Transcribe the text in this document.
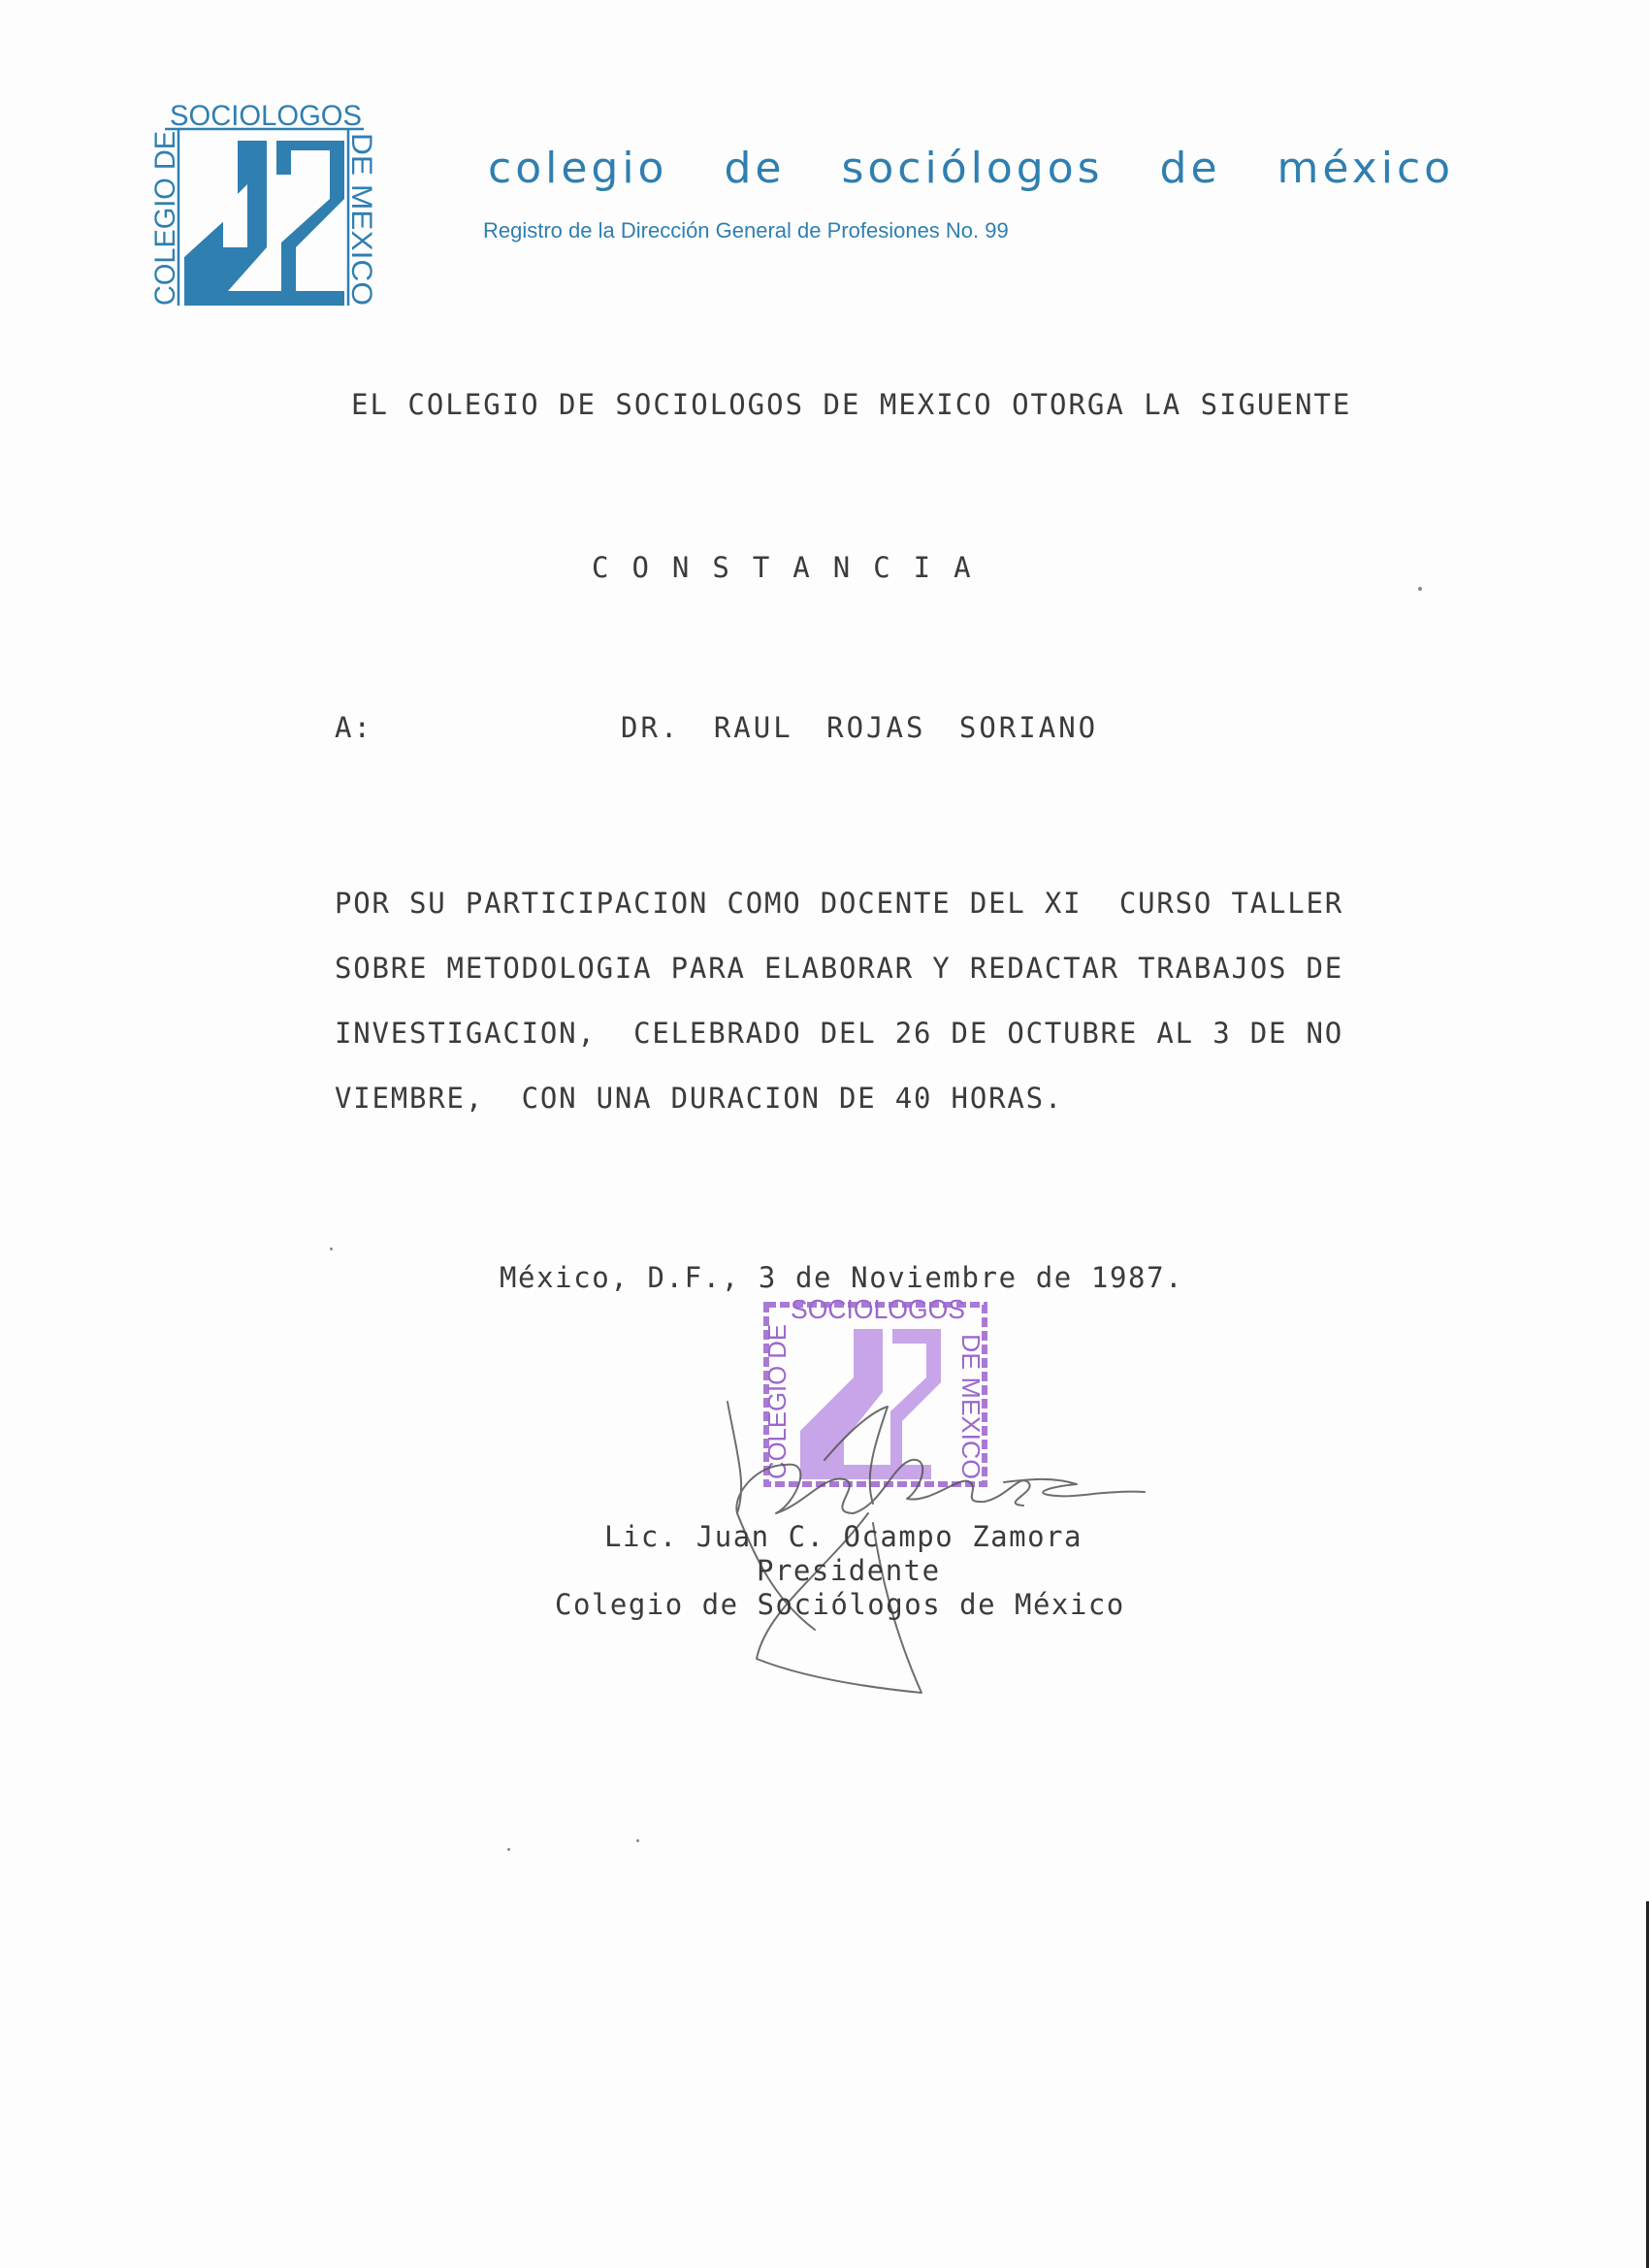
SOCIOLOGOS
COLEGIO DE	DE MEXICO	colegio de sociólogos de méxico
Registro de la Dirección General de Profesiones No. 99
EL COLEGIO DE SOCIOLOGOS DE MEXICO OTORGA LA SIGUENTE
CONSTANCIA
A:	DR. RAUL ROJAS SORIANO
POR SU PARTICIPACION COMO DOCENTE DEL XI  CURSO TALLER
SOBRE METODOLOGIA PARA ELABORAR Y REDACTAR TRABAJOS DE
INVESTIGACION,  CELEBRADO DEL 26 DE OCTUBRE AL 3 DE NO
VIEMBRE,  CON UNA DURACION DE 40 HORAS.
México, D.F., 3 de Noviembre de 1987.
SOCIOLOGOS
COLEGIO DE	DE MEXICO
Lic. Juan C. Ocampo Zamora
Presidente
Colegio de Sociólogos de México
